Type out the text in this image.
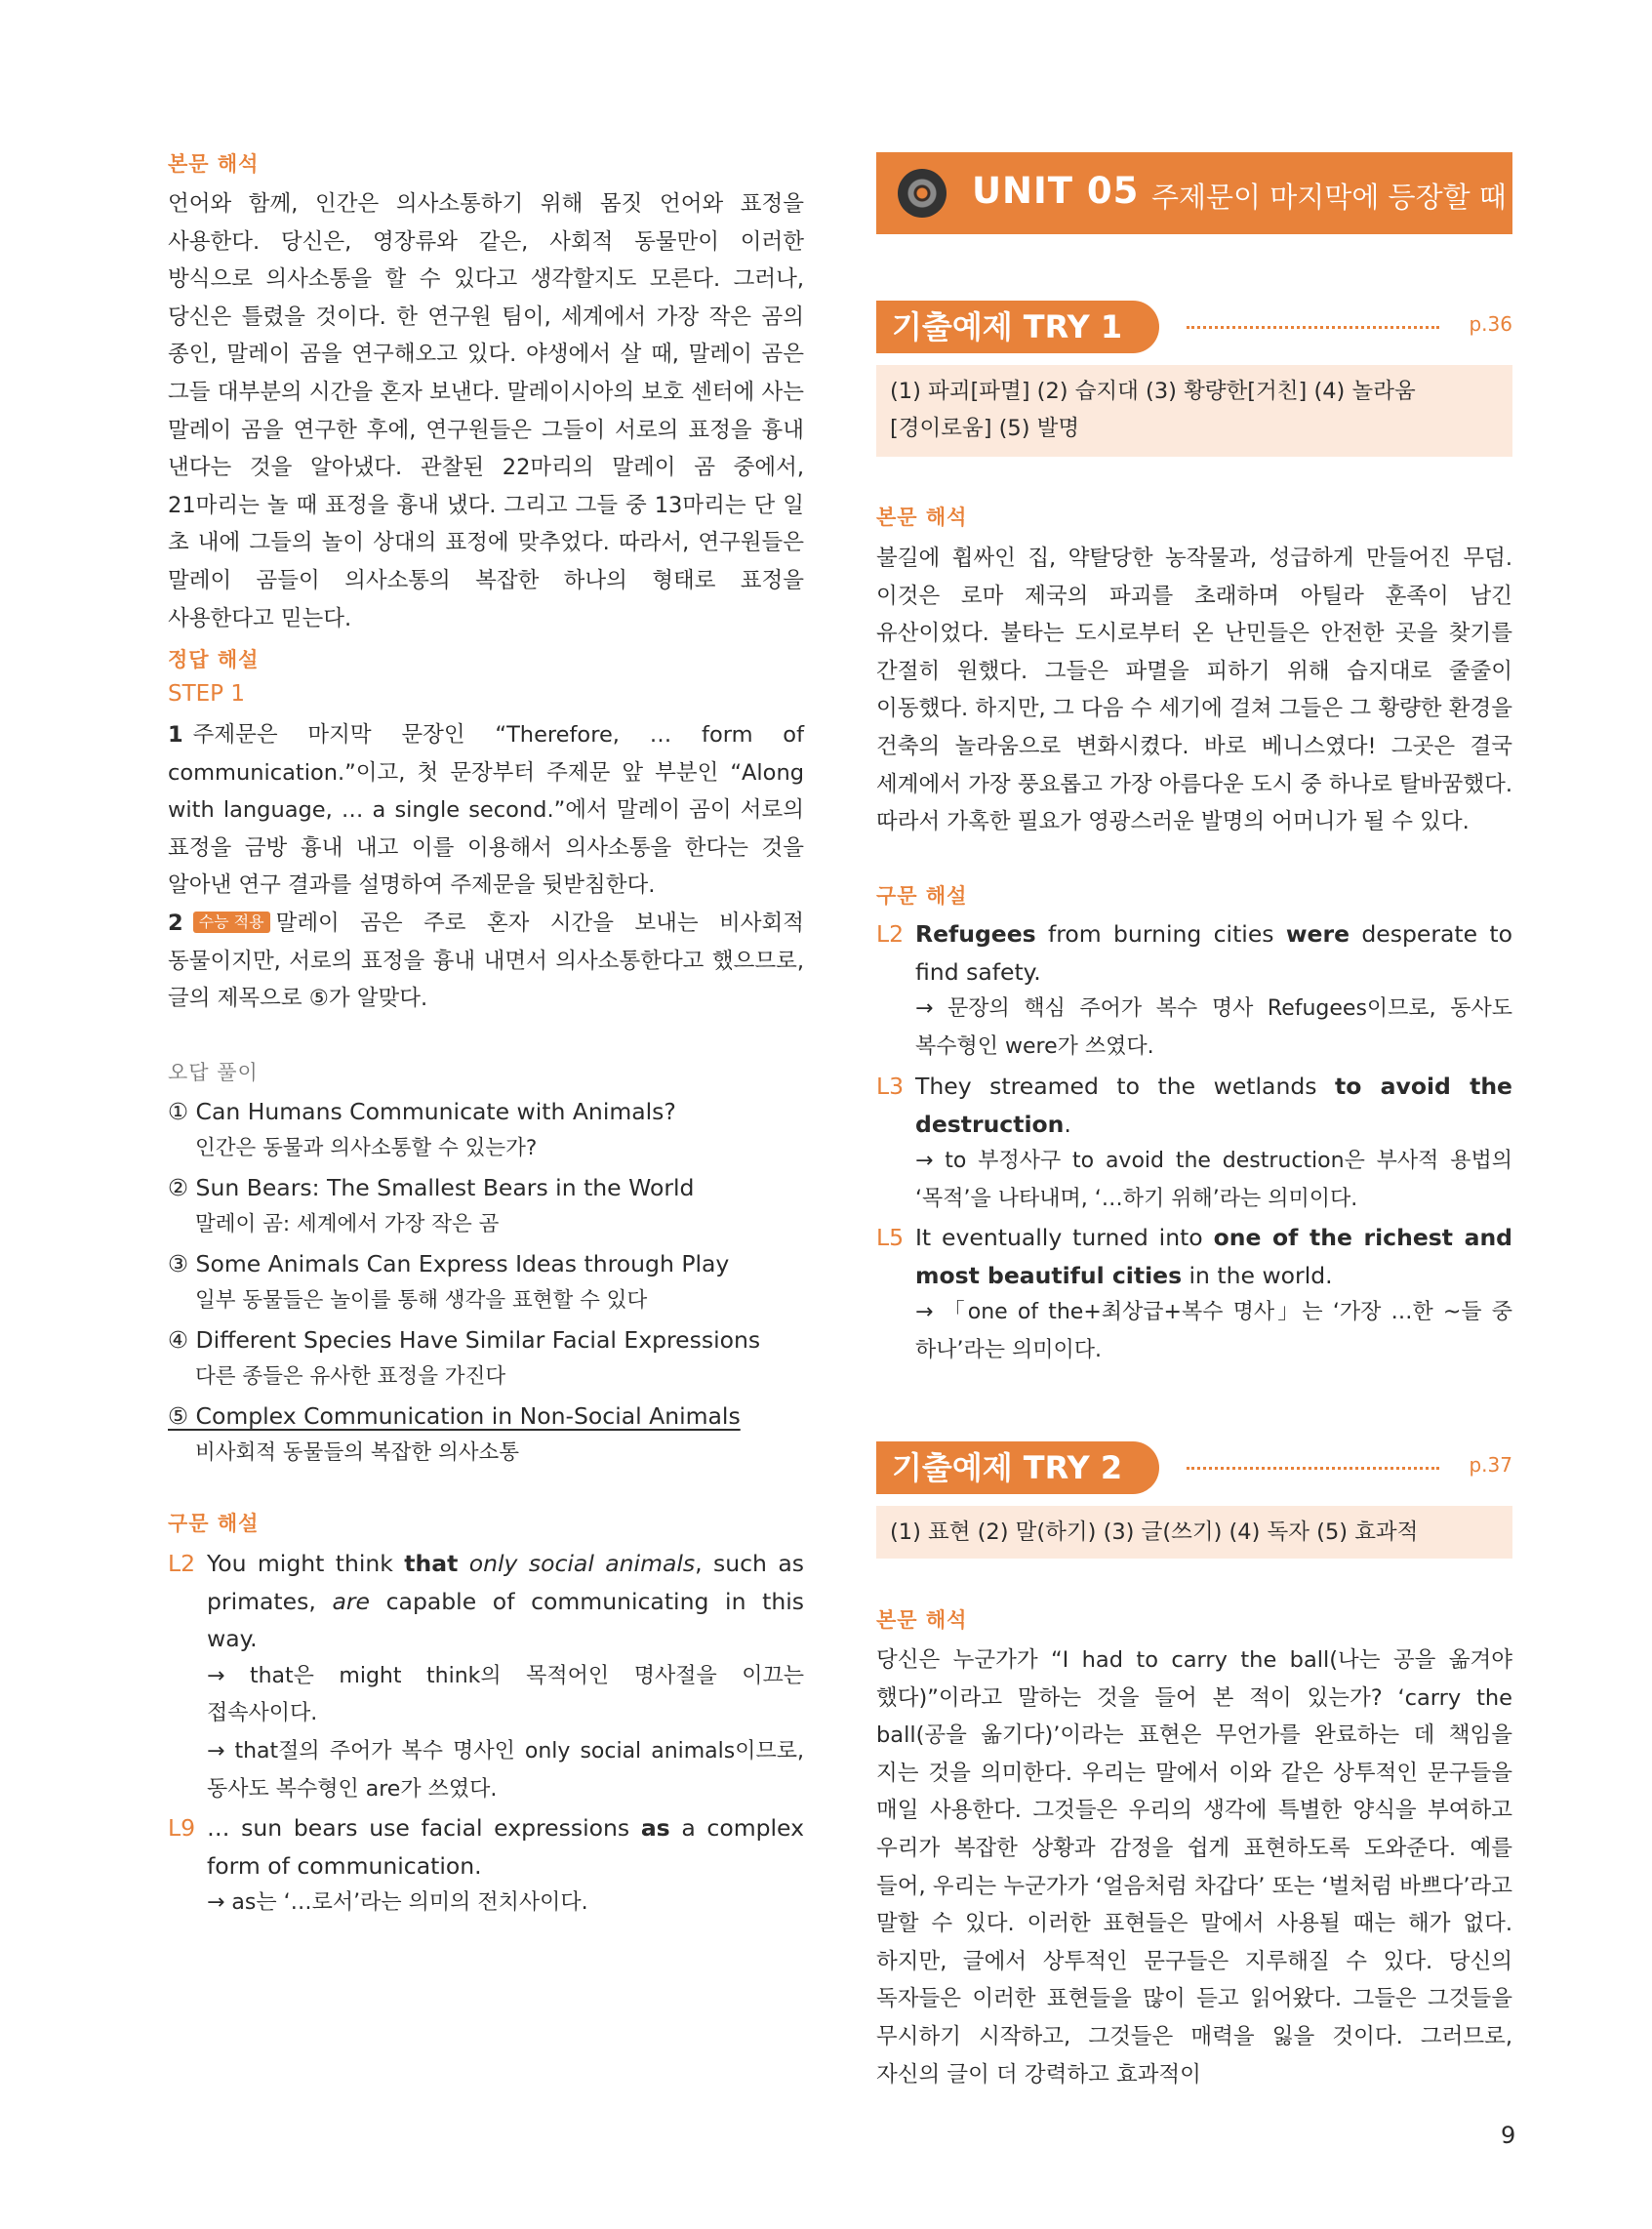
본문 해석

언어와 함께, 인간은 의사소통하기 위해 몸짓 언어와 표정을 사용한다. 당신은, 영장류와 같은, 사회적 동물만이 이러한 방식으로 의사소통을 할 수 있다고 생각할지도 모른다. 그러나, 당신은 틀렸을 것이다. 한 연구원 팀이, 세계에서 가장 작은 곰의 종인, 말레이 곰을 연구해오고 있다. 야생에서 살 때, 말레이 곰은 그들 대부분의 시간을 혼자 보낸다. 말레이시아의 보호 센터에 사는 말레이 곰을 연구한 후에, 연구원들은 그들이 서로의 표정을 흉내 낸다는 것을 알아냈다. 관찰된 22마리의 말레이 곰 중에서, 21마리는 놀 때 표정을 흉내 냈다. 그리고 그들 중 13마리는 단 일 초 내에 그들의 놀이 상대의 표정에 맞추었다. 따라서, 연구원들은 말레이 곰들이 의사소통의 복잡한 하나의 형태로 표정을 사용한다고 믿는다.

정답 해설

STEP 1

1 주제문은 마지막 문장인 “Therefore, … form of communication.”이고, 첫 문장부터 주제문 앞 부분인 “Along with language, … a single second.”에서 말레이 곰이 서로의 표정을 금방 흉내 내고 이를 이용해서 의사소통을 한다는 것을 알아낸 연구 결과를 설명하여 주제문을 뒷받침한다.

2 수능 적용 말레이 곰은 주로 혼자 시간을 보내는 비사회적 동물이지만, 서로의 표정을 흉내 내면서 의사소통한다고 했으므로, 글의 제목으로 ⑤가 알맞다.

오답 풀이

① Can Humans Communicate with Animals?
인간은 동물과 의사소통할 수 있는가?
② Sun Bears: The Smallest Bears in the World
말레이 곰: 세계에서 가장 작은 곰
③ Some Animals Can Express Ideas through Play
일부 동물들은 놀이를 통해 생각을 표현할 수 있다
④ Different Species Have Similar Facial Expressions
다른 종들은 유사한 표정을 가진다
⑤ Complex Communication in Non-Social Animals
비사회적 동물들의 복잡한 의사소통

구문 해설

L2 You might think that only social animals, such as primates, are capable of communicating in this way.
→ that은 might think의 목적어인 명사절을 이끄는 접속사이다.
→ that절의 주어가 복수 명사인 only social animals이므로, 동사도 복수형인 are가 쓰였다.
L9 … sun bears use facial expressions as a complex form of communication.
→ as는 ‘…로서’라는 의미의 전치사이다.
UNIT 05 주제문이 마지막에 등장할 때 2
기출예제 TRY 1	p.36
(1) 파괴[파멸] (2) 습지대 (3) 황량한[거친] (4) 놀라움[경이로움] (5) 발명

본문 해석

불길에 휩싸인 집, 약탈당한 농작물과, 성급하게 만들어진 무덤. 이것은 로마 제국의 파괴를 초래하며 아틸라 훈족이 남긴 유산이었다. 불타는 도시로부터 온 난민들은 안전한 곳을 찾기를 간절히 원했다. 그들은 파멸을 피하기 위해 습지대로 줄줄이 이동했다. 하지만, 그 다음 수 세기에 걸쳐 그들은 그 황량한 환경을 건축의 놀라움으로 변화시켰다. 바로 베니스였다! 그곳은 결국 세계에서 가장 풍요롭고 가장 아름다운 도시 중 하나로 탈바꿈했다. 따라서 가혹한 필요가 영광스러운 발명의 어머니가 될 수 있다.

구문 해설

L2 Refugees from burning cities were desperate to find safety.
→ 문장의 핵심 주어가 복수 명사 Refugees이므로, 동사도 복수형인 were가 쓰였다.
L3 They streamed to the wetlands to avoid the destruction.
→ to 부정사구 to avoid the destruction은 부사적 용법의 ‘목적’을 나타내며, ‘…하기 위해’라는 의미이다.
L5 It eventually turned into one of the richest and most beautiful cities in the world.
→ 「one of the+최상급+복수 명사」는 ‘가장 …한 ~들 중 하나’라는 의미이다.
기출예제 TRY 2	p.37
(1) 표현 (2) 말(하기) (3) 글(쓰기) (4) 독자 (5) 효과적

본문 해석

당신은 누군가가 “I had to carry the ball(나는 공을 옮겨야 했다)”이라고 말하는 것을 들어 본 적이 있는가? ‘carry the ball(공을 옮기다)’이라는 표현은 무언가를 완료하는 데 책임을 지는 것을 의미한다. 우리는 말에서 이와 같은 상투적인 문구들을 매일 사용한다. 그것들은 우리의 생각에 특별한 양식을 부여하고 우리가 복잡한 상황과 감정을 쉽게 표현하도록 도와준다. 예를 들어, 우리는 누군가가 ‘얼음처럼 차갑다’ 또는 ‘벌처럼 바쁘다’라고 말할 수 있다. 이러한 표현들은 말에서 사용될 때는 해가 없다. 하지만, 글에서 상투적인 문구들은 지루해질 수 있다. 당신의 독자들은 이러한 표현들을 많이 듣고 읽어왔다. 그들은 그것들을 무시하기 시작하고, 그것들은 매력을 잃을 것이다. 그러므로, 자신의 글이 더 강력하고 효과적이

9
